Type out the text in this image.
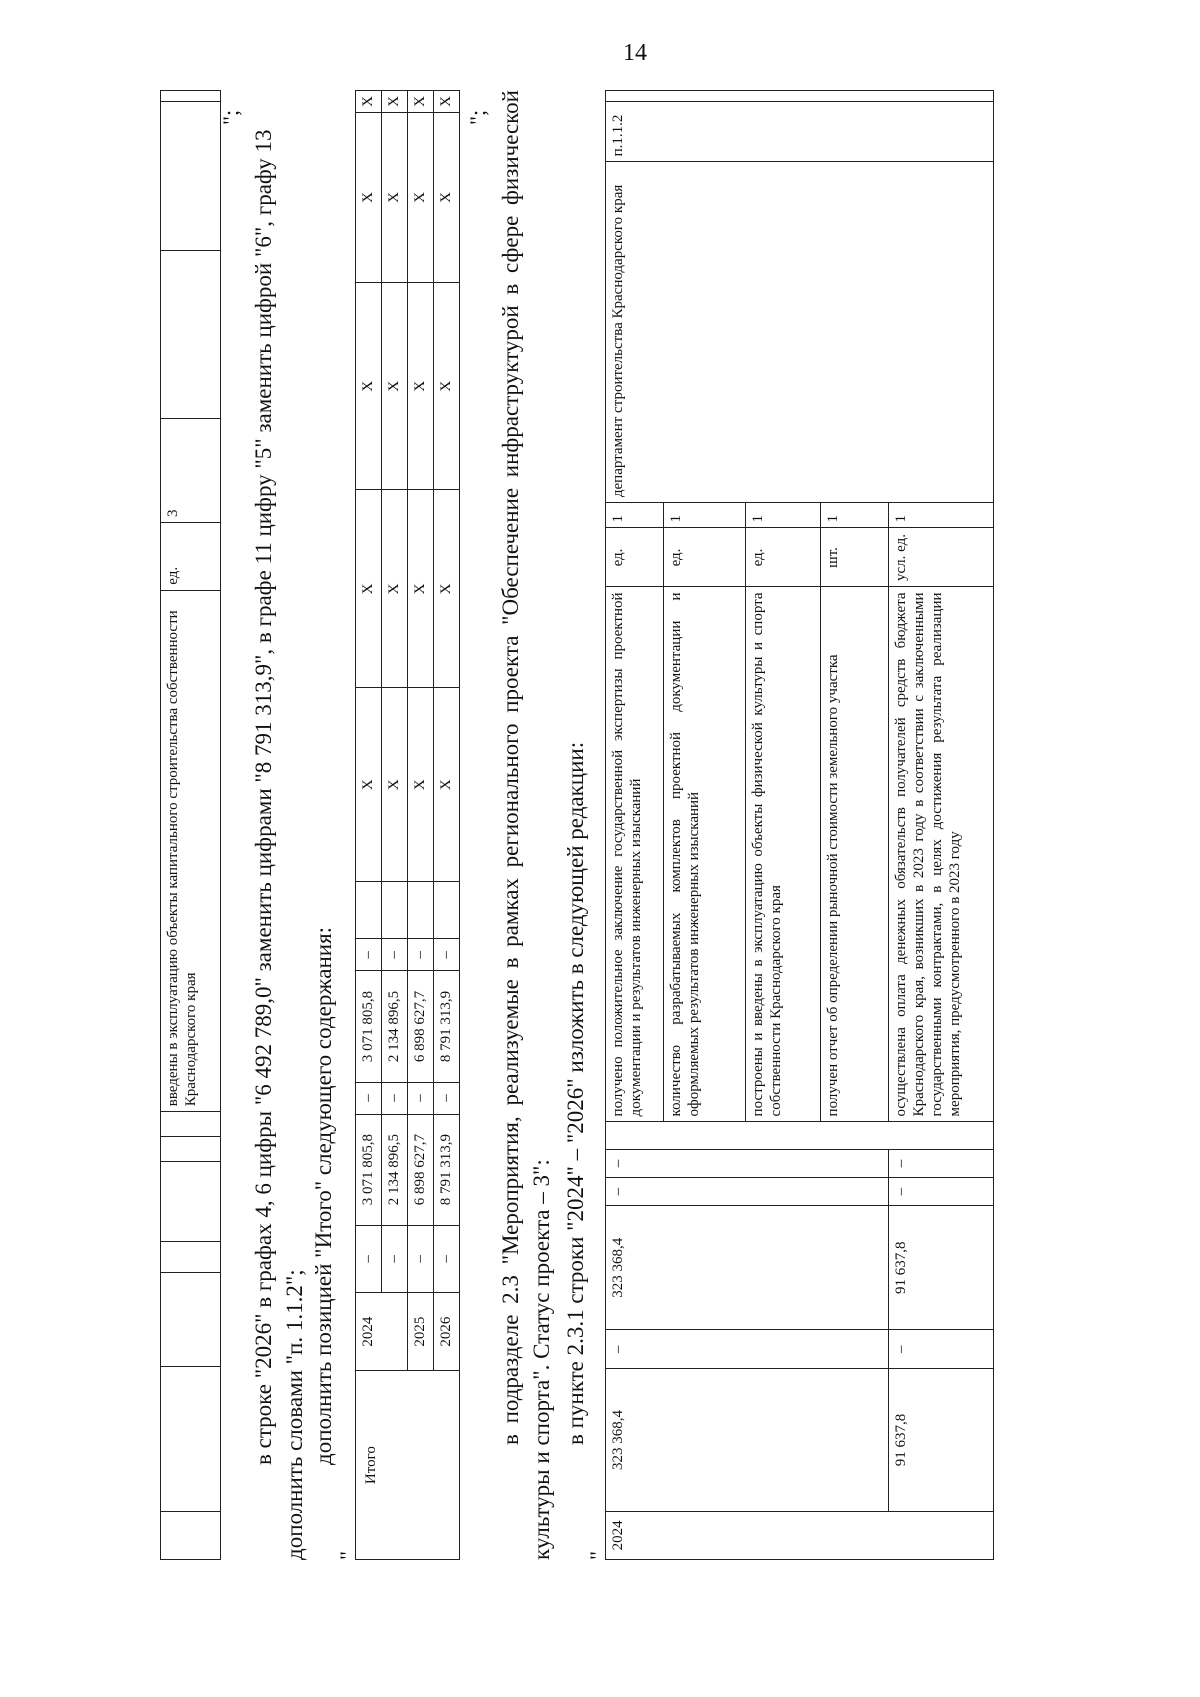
14
							введены в эксплуатацию объекты капитального строительства собственности Краснодарского края	ед.	3			
";

в строке "2026" в графах 4, 6 цифры "6 492 789,0" заменить цифрами "8 791 313,9", в графе 11 цифру "5" заменить цифрой "6", графу 13 дополнить словами "п. 1.1.2"; дополнить позицией "Итого" следующего содержания:

"
Итого	2024	–	3 071 805,8	–	3 071 805,8	–		X	X	X	X	X
		–	2 134 896,5	–	2 134 896,5	–		X	X	X	X	X
	2025	–	6 898 627,7	–	6 898 627,7	–		X	X	X	X	X
	2026	–	8 791 313,9	–	8 791 313,9	–		X	X	X	X	X
"; в подразделе 2.3 "Мероприятия, реализуемые в рамках регионального проекта "Обеспечение инфраструктурой в сфере физической культуры и спорта". Статус проекта – 3": в пункте 2.3.1 строки "2024" – "2026" изложить в следующей редакции:

"
2024	323 368,4	–	323 368,4	–	–		получено положительное заключение государственной экспертизы проектной документации и результатов инженерных изысканий	ед.	1	департамент строительства Краснодарского края	п.1.1.2	
							количество разрабатываемых комплектов проектной документации и оформляемых результатов инженерных изысканий	ед.	1			
							построены и введены в эксплуатацию объекты физической культуры и спорта собственности Краснодарского края	ед.	1			
							получен отчет об определении рыночной стоимости земельного участка	шт.	1			
	91 637,8	–	91 637,8	–	–		осуществлена оплата денежных обязательств получателей средств бюджета Краснодарского края, возникших в 2023 году в соответствии с заключенными государственными контрактами, в целях достижения результата реализации мероприятия, предусмотренного в 2023 году	усл. ед.	1			
